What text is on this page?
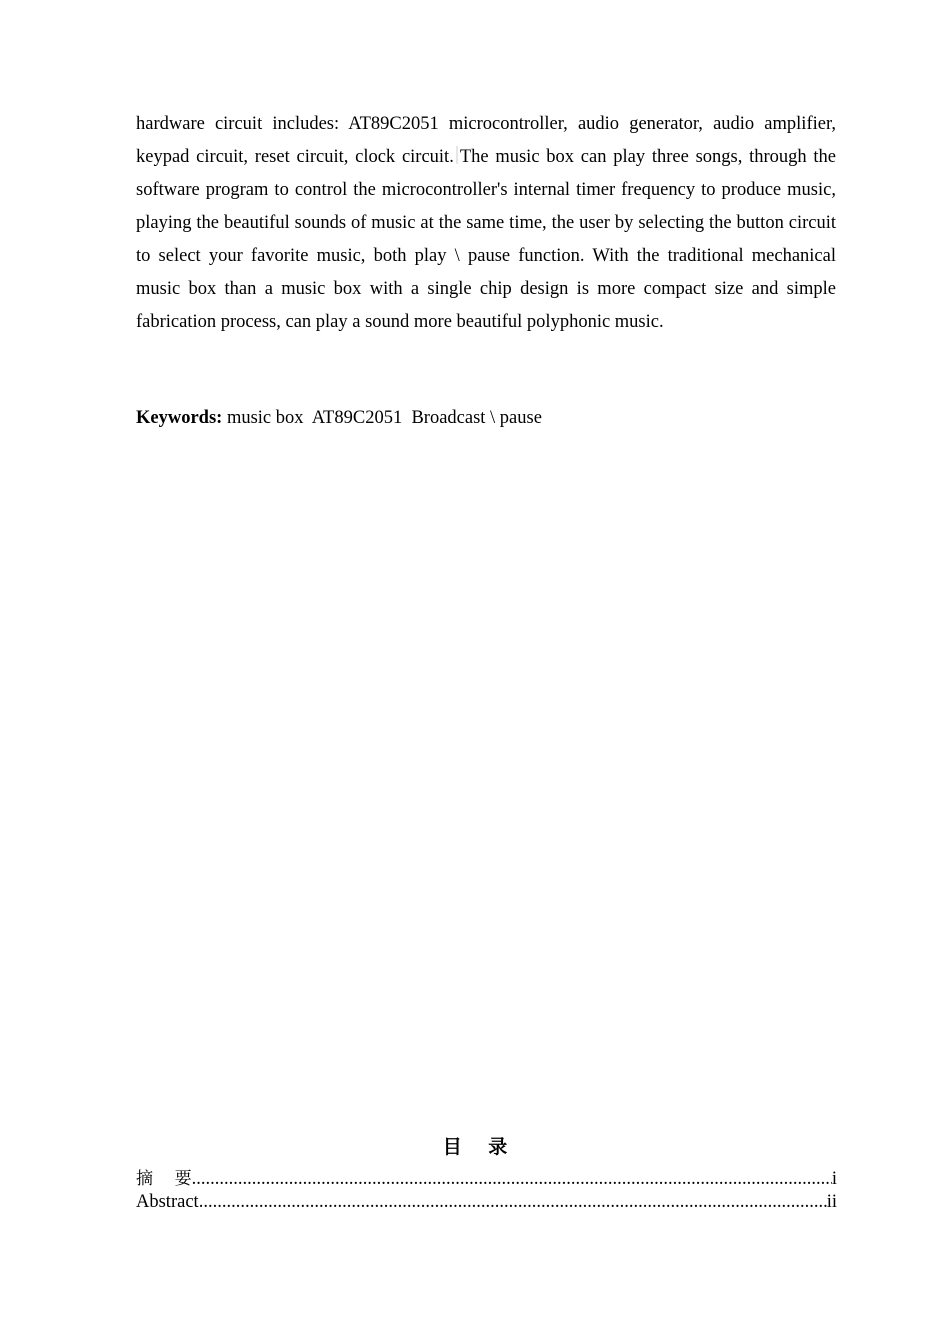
hardware circuit includes: AT89C2051 microcontroller, audio generator, audio amplifier, keypad circuit, reset circuit, clock circuit. The music box can play three songs, through the software program to control the microcontroller's internal timer frequency to produce music, playing the beautiful sounds of music at the same time, the user by selecting the button circuit to select your favorite music, both play \ pause function. With the traditional mechanical music box than a music box with a single chip design is more compact size and simple fabrication process, can play a sound more beautiful polyphonic music.

Keywords: music box  AT89C2051  Broadcast \ pause

目    录
摘    要 .....	i
Abstract .....	ii
